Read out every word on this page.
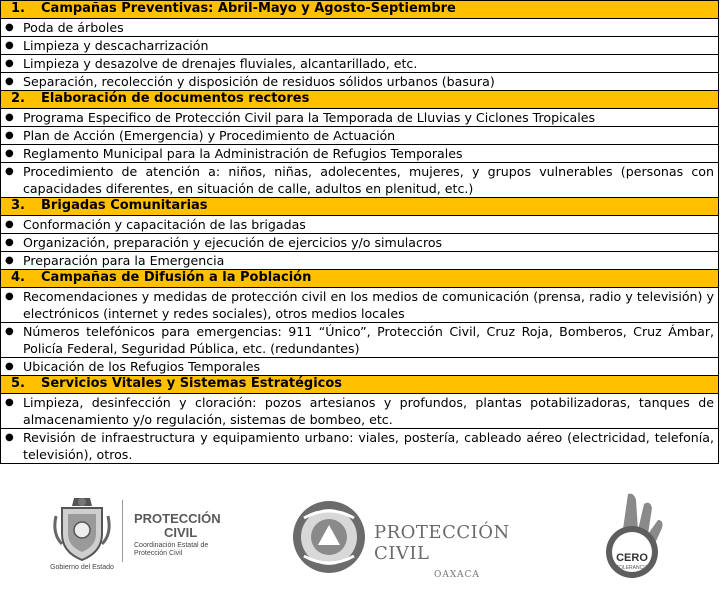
1. Campañas Preventivas: Abril-Mayo y Agosto-Septiembre

● Poda de árboles

● Limpieza y descacharrización

● Limpieza y desazolve de drenajes fluviales, alcantarillado, etc.

● Separación, recolección y disposición de residuos sólidos urbanos (basura)

2. Elaboración de documentos rectores

● Programa Especifico de Protección Civil para la Temporada de Lluvias y Ciclones Tropicales

● Plan de Acción (Emergencia) y Procedimiento de Actuación

● Reglamento Municipal para la Administración de Refugios Temporales

● Procedimiento de atención a: niños, niñas, adolecentes, mujeres, y grupos vulnerables (personas con capacidades diferentes, en situación de calle, adultos en plenitud, etc.)

3. Brigadas Comunitarias

● Conformación y capacitación de las brigadas

● Organización, preparación y ejecución de ejercicios y/o simulacros

● Preparación para la Emergencia

4. Campañas de Difusión a la Población

● Recomendaciones y medidas de protección civil en los medios de comunicación (prensa, radio y televisión) y electrónicos (internet y redes sociales), otros medios locales

● Números telefónicos para emergencias: 911 “Único”, Protección Civil, Cruz Roja, Bomberos, Cruz Ámbar, Policía Federal, Seguridad Pública, etc. (redundantes)

● Ubicación de los Refugios Temporales

5. Servicios Vitales y Sistemas Estratégicos

● Limpieza, desinfección y cloración: pozos artesianos y profundos, plantas potabilizadoras, tanques de almacenamiento y/o regulación, sistemas de bombeo, etc.

● Revisión de infraestructura y equipamiento urbano: viales, postería, cableado aéreo (electricidad, telefonía, televisión), otros.
Gobierno del Estado
PROTECCIÓN
CIVIL
Coordinación Estatal de
Protección Civil
PROTECCIÓN CIVIL
OAXACA
CERO
TOLERANCIA
